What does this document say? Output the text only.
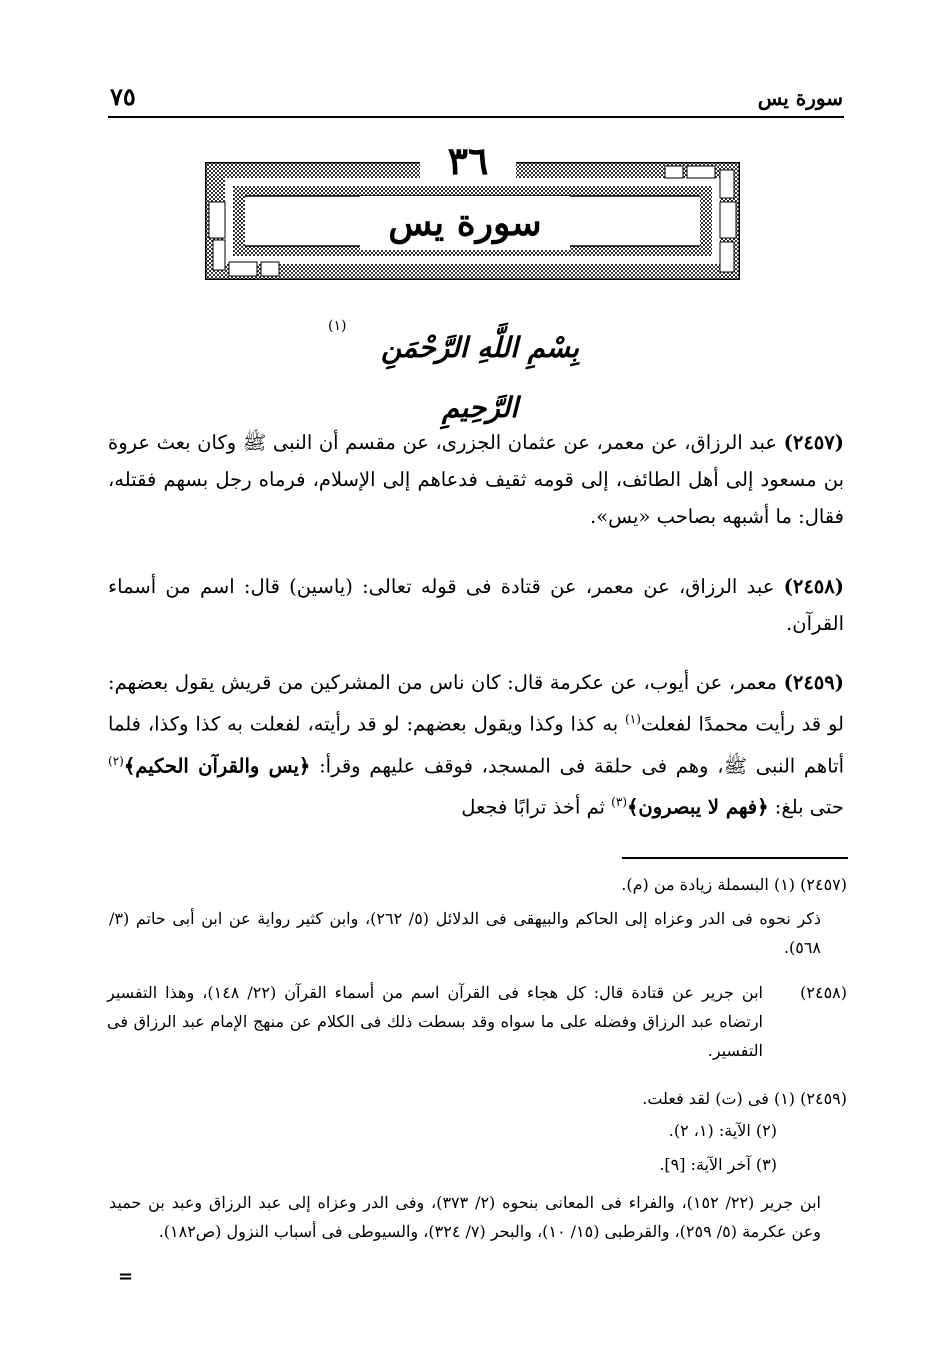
سورة يس
٧٥
٣٦
سورة يس
بِسْمِ اللَّهِ الرَّحْمَنِ الرَّحِيمِ
(١)
(٢٤٥٧) عبد الرزاق، عن معمر، عن عثمان الجزرى، عن مقسم أن النبى ﷺ وكان بعث عروة بن مسعود إلى أهل الطائف، إلى قومه ثقيف فدعاهم إلى الإسلام، فرماه رجل بسهم فقتله، فقال: ما أشبهه بصاحب «يس».
(٢٤٥٨) عبد الرزاق، عن معمر، عن قتادة فى قوله تعالى: (ياسين) قال: اسم من أسماء القرآن.
(٢٤٥٩) معمر، عن أيوب، عن عكرمة قال: كان ناس من المشركين من قريش يقول بعضهم: لو قد رأيت محمدًا لفعلت$^{(١)}$ به كذا وكذا ويقول بعضهم: لو قد رأيته، لفعلت به كذا وكذا، فلما أتاهم النبى ﷺ، وهم فى حلقة فى المسجد، فوقف عليهم وقرأ: ﴿يس والقرآن الحكيم﴾$^{(٢)}$ حتى بلغ: ﴿فهم لا يبصرون﴾$^{(٣)}$ ثم أخذ ترابًا فجعل
(٢٤٥٧) (١) البسملة زيادة من (م).
ذكر نحوه فى الدر وعزاه إلى الحاكم والبيهقى فى الدلائل (٥/ ٢٦٢)، وابن كثير رواية عن ابن أبى حاتم (٣/ ٥٦٨).
(٢٤٥٨)
ابن جرير عن قتادة قال: كل هجاء فى القرآن اسم من أسماء القرآن (٢٢/ ١٤٨)، وهذا التفسير ارتضاه عبد الرزاق وفضله على ما سواه وقد بسطت ذلك فى الكلام عن منهج الإمام عبد الرزاق فى التفسير.
(٢٤٥٩) (١) فى (ت) لقد فعلت.
(٢) الآية: (١، ٢).
(٣) آخر الآية: [٩].
ابن جرير (٢٢/ ١٥٢)، والفراء فى المعانى بنحوه (٢/ ٣٧٣)، وفى الدر وعزاه إلى عبد الرزاق وعبد بن حميد وعن عكرمة (٥/ ٢٥٩)، والقرطبى (١٥/ ١٠)، والبحر (٧/ ٣٢٤)، والسيوطى فى أسباب النزول (ص١٨٢).
=
